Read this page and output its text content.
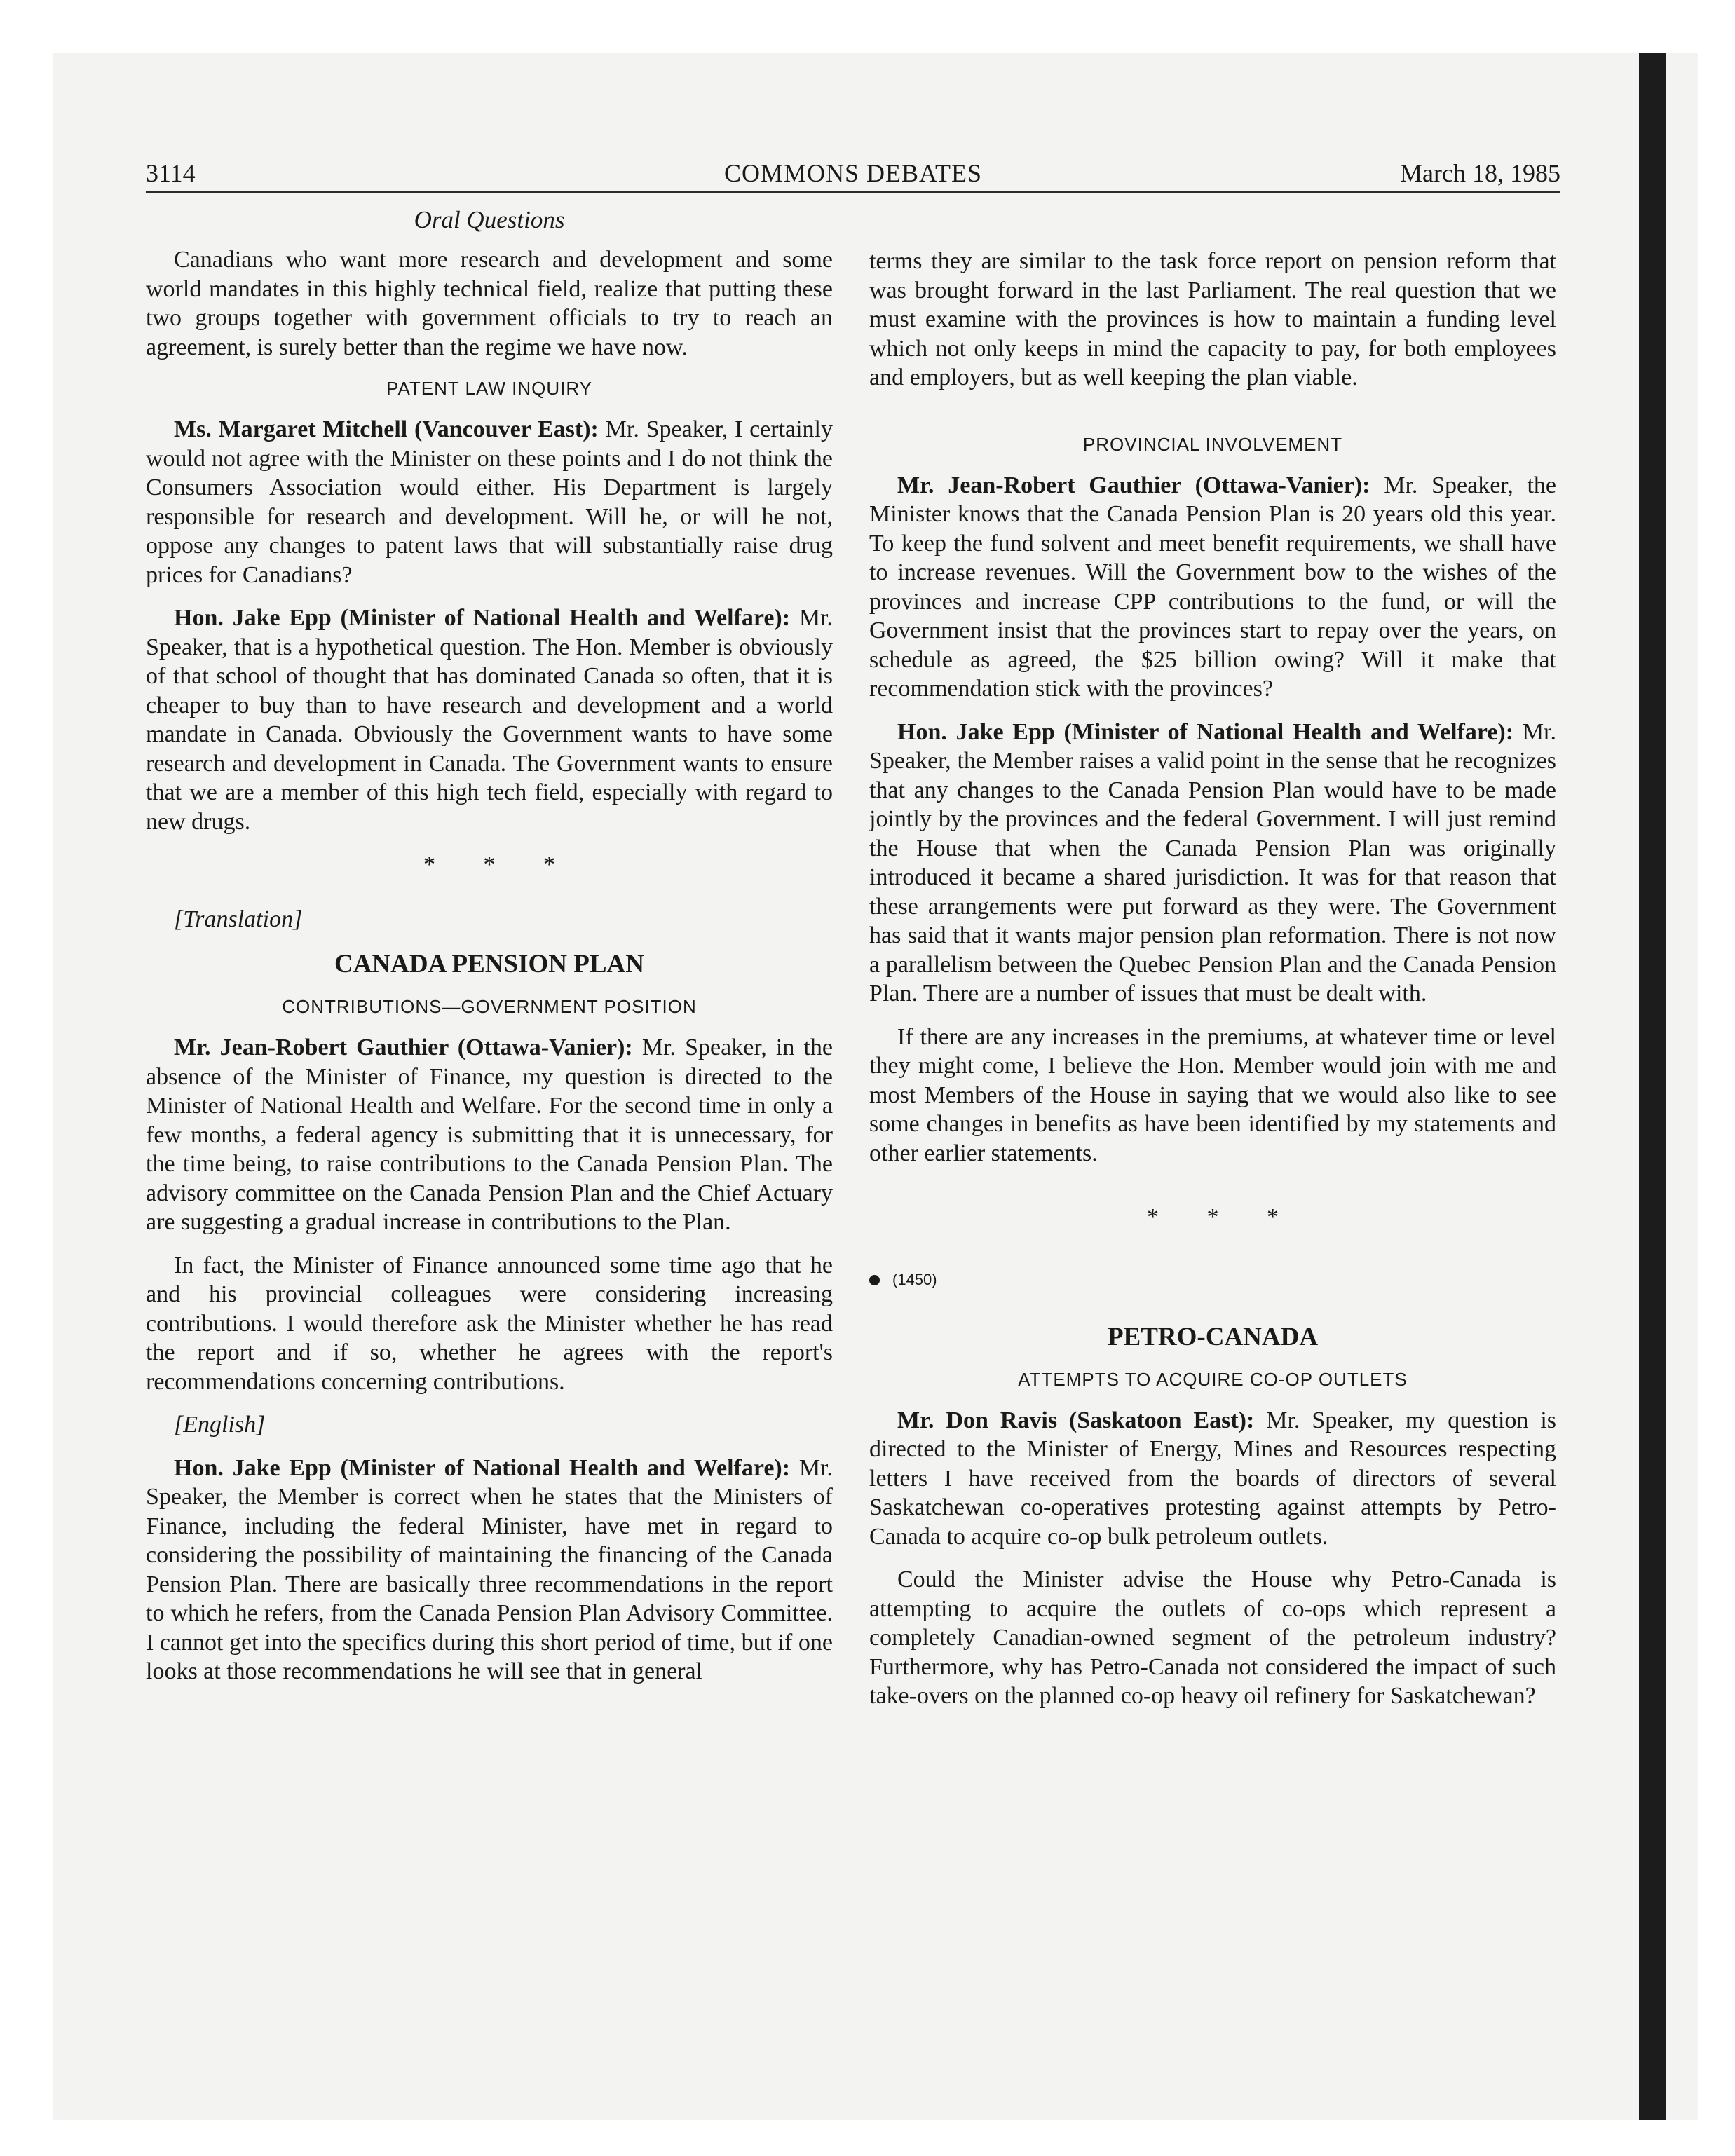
3114	COMMONS DEBATES	March 18, 1985
Oral Questions

Canadians who want more research and development and some world mandates in this highly technical field, realize that putting these two groups together with government officials to try to reach an agreement, is surely better than the regime we have now.

PATENT LAW INQUIRY

Ms. Margaret Mitchell (Vancouver East): Mr. Speaker, I certainly would not agree with the Minister on these points and I do not think the Consumers Association would either. His Department is largely responsible for research and development. Will he, or will he not, oppose any changes to patent laws that will substantially raise drug prices for Canadians?

Hon. Jake Epp (Minister of National Health and Welfare): Mr. Speaker, that is a hypothetical question. The Hon. Member is obviously of that school of thought that has dominated Canada so often, that it is cheaper to buy than to have research and development and a world mandate in Canada. Obviously the Government wants to have some research and development in Canada. The Government wants to ensure that we are a member of this high tech field, especially with regard to new drugs.

* * *

[Translation]

CANADA PENSION PLAN
CONTRIBUTIONS—GOVERNMENT POSITION

Mr. Jean-Robert Gauthier (Ottawa-Vanier): Mr. Speaker, in the absence of the Minister of Finance, my question is directed to the Minister of National Health and Welfare. For the second time in only a few months, a federal agency is submitting that it is unnecessary, for the time being, to raise contributions to the Canada Pension Plan. The advisory committee on the Canada Pension Plan and the Chief Actuary are suggesting a gradual increase in contributions to the Plan.

In fact, the Minister of Finance announced some time ago that he and his provincial colleagues were considering increasing contributions. I would therefore ask the Minister whether he has read the report and if so, whether he agrees with the report's recommendations concerning contributions.

[English]

Hon. Jake Epp (Minister of National Health and Welfare): Mr. Speaker, the Member is correct when he states that the Ministers of Finance, including the federal Minister, have met in regard to considering the possibility of maintaining the financing of the Canada Pension Plan. There are basically three recommendations in the report to which he refers, from the Canada Pension Plan Advisory Committee. I cannot get into the specifics during this short period of time, but if one looks at those recommendations he will see that in general

terms they are similar to the task force report on pension reform that was brought forward in the last Parliament. The real question that we must examine with the provinces is how to maintain a funding level which not only keeps in mind the capacity to pay, for both employees and employers, but as well keeping the plan viable.

PROVINCIAL INVOLVEMENT

Mr. Jean-Robert Gauthier (Ottawa-Vanier): Mr. Speaker, the Minister knows that the Canada Pension Plan is 20 years old this year. To keep the fund solvent and meet benefit requirements, we shall have to increase revenues. Will the Government bow to the wishes of the provinces and increase CPP contributions to the fund, or will the Government insist that the provinces start to repay over the years, on schedule as agreed, the $25 billion owing? Will it make that recommendation stick with the provinces?

Hon. Jake Epp (Minister of National Health and Welfare): Mr. Speaker, the Member raises a valid point in the sense that he recognizes that any changes to the Canada Pension Plan would have to be made jointly by the provinces and the federal Government. I will just remind the House that when the Canada Pension Plan was originally introduced it became a shared jurisdiction. It was for that reason that these arrangements were put forward as they were. The Government has said that it wants major pension plan reformation. There is not now a parallelism between the Quebec Pension Plan and the Canada Pension Plan. There are a number of issues that must be dealt with.

If there are any increases in the premiums, at whatever time or level they might come, I believe the Hon. Member would join with me and most Members of the House in saying that we would also like to see some changes in benefits as have been identified by my statements and other earlier statements.

* * *
(1450)
PETRO-CANADA
ATTEMPTS TO ACQUIRE CO-OP OUTLETS

Mr. Don Ravis (Saskatoon East): Mr. Speaker, my question is directed to the Minister of Energy, Mines and Resources respecting letters I have received from the boards of directors of several Saskatchewan co-operatives protesting against attempts by Petro-Canada to acquire co-op bulk petroleum outlets.

Could the Minister advise the House why Petro-Canada is attempting to acquire the outlets of co-ops which represent a completely Canadian-owned segment of the petroleum industry? Furthermore, why has Petro-Canada not considered the impact of such take-overs on the planned co-op heavy oil refinery for Saskatchewan?
